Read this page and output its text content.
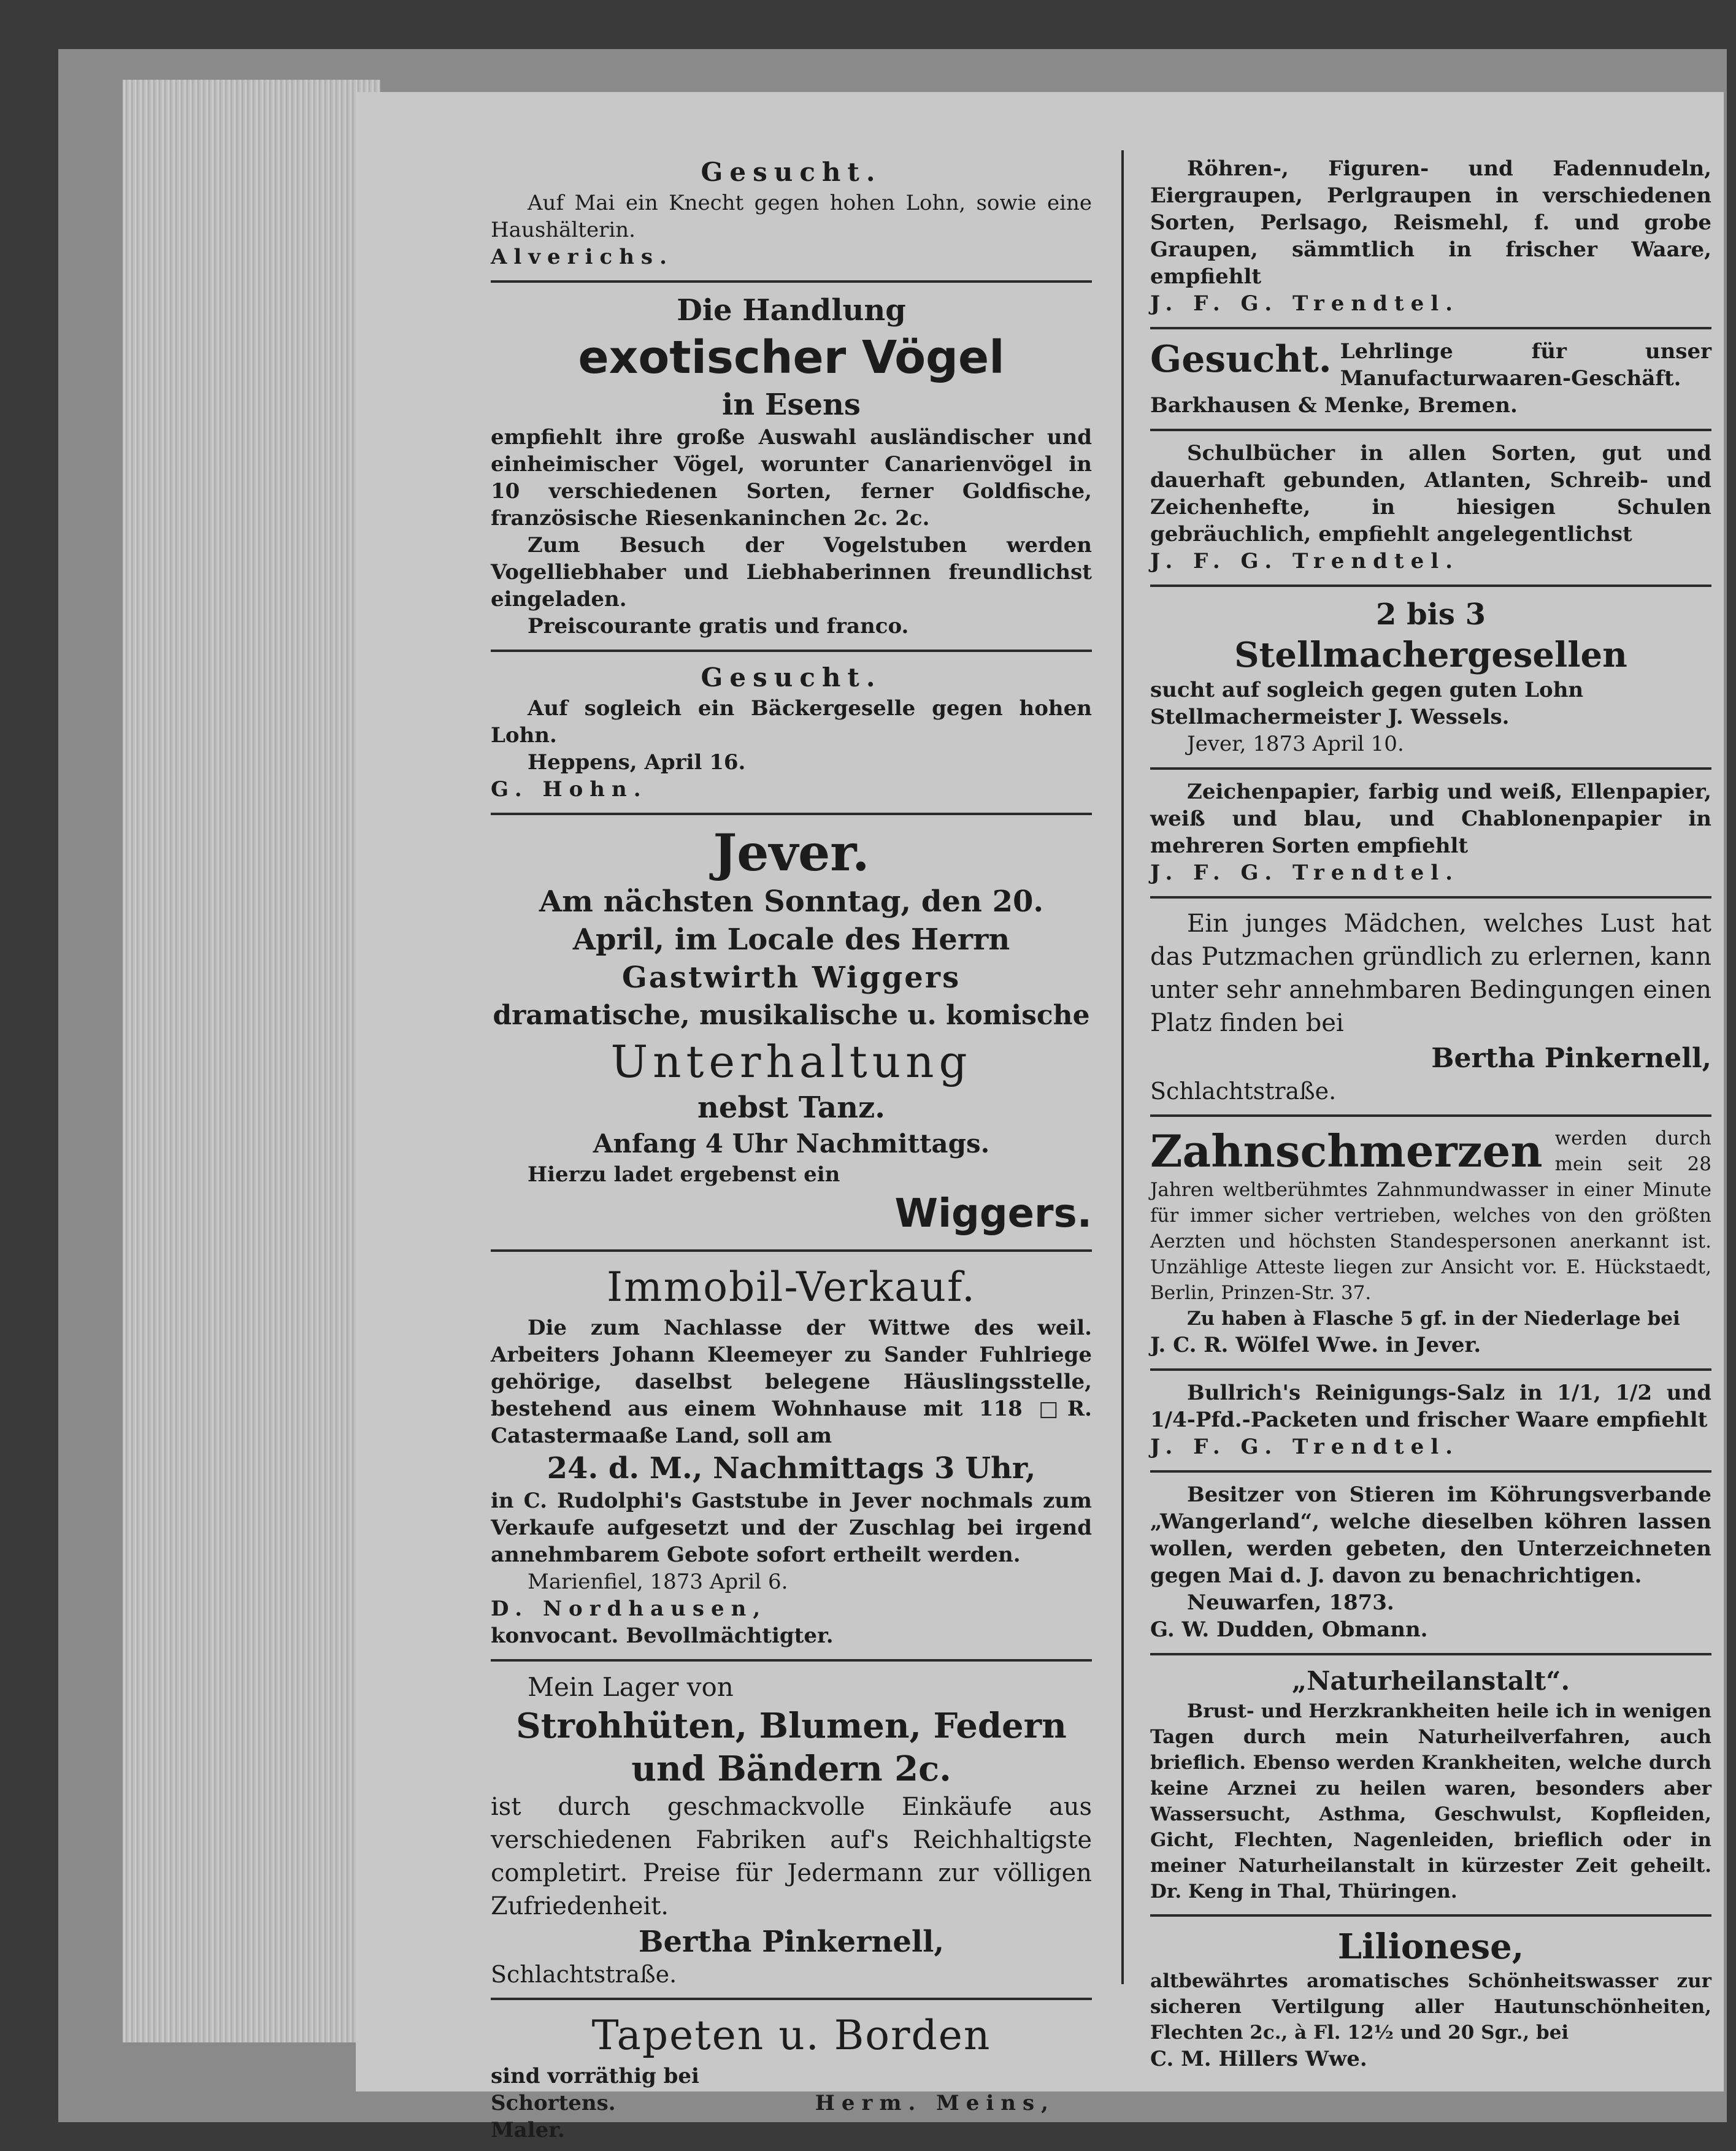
Gesucht.
Auf Mai ein Knecht gegen hohen Lohn, sowie eine Haushälterin.
Alverichs.
Die Handlung
exotischer Vögel
in Esens
empfiehlt ihre große Auswahl ausländischer und einheimischer Vögel, worunter Canarienvögel in 10 verschiedenen Sorten, ferner Goldfische, französische Riesenkaninchen 2c. 2c.
Zum Besuch der Vogelstuben werden Vogelliebhaber und Liebhaberinnen freundlichst eingeladen.
Preiscourante gratis und franco.
Gesucht.
Auf sogleich ein Bäckergeselle gegen hohen Lohn.
Heppens, April 16.
G. Hohn.
Jever.
Am nächsten Sonntag, den 20.
April, im Locale des Herrn
Gastwirth Wiggers
dramatische, musikalische u. komische
Unterhaltung
nebst Tanz.
Anfang 4 Uhr Nachmittags.
Hierzu ladet ergebenst ein
Wiggers.
Immobil-Verkauf.
Die zum Nachlasse der Wittwe des weil. Arbeiters Johann Kleemeyer zu Sander Fuhlriege gehörige, daselbst belegene Häuslingsstelle, bestehend aus einem Wohnhause mit 118 □R. Catastermaaße Land, soll am
24. d. M., Nachmittags 3 Uhr,
in C. Rudolphi's Gaststube in Jever nochmals zum Verkaufe aufgesetzt und der Zuschlag bei irgend annehmbarem Gebote sofort ertheilt werden.
Marienfiel, 1873 April 6.
D. Nordhausen,
konvocant. Bevollmächtigter.
Mein Lager von
Strohhüten, Blumen, Federn und Bändern 2c.
ist durch geschmackvolle Einkäufe aus verschiedenen Fabriken auf's Reichhaltigste completirt. Preise für Jedermann zur völligen Zufriedenheit.
Bertha Pinkernell,
Schlachtstraße.
Tapeten u. Borden
sind vorräthig bei
Schortens.	Herm. Meins,
Maler.
Röhren-, Figuren- und Fadennudeln, Eiergraupen, Perlgraupen in verschiedenen Sorten, Perlsago, Reismehl, f. und grobe Graupen, sämmtlich in frischer Waare, empfiehlt
J. F. G. Trendtel.
Gesucht. Lehrlinge für unser Manufacturwaaren-Geschäft.
Barkhausen & Menke, Bremen.
Schulbücher in allen Sorten, gut und dauerhaft gebunden, Atlanten, Schreib- und Zeichenhefte, in hiesigen Schulen gebräuchlich, empfiehlt angelegentlichst
J. F. G. Trendtel.
2 bis 3
Stellmachergesellen
sucht auf sogleich gegen guten Lohn
Stellmachermeister J. Wessels.
Jever, 1873 April 10.
Zeichenpapier, farbig und weiß, Ellenpapier, weiß und blau, und Chablonenpapier in mehreren Sorten empfiehlt
J. F. G. Trendtel.
Ein junges Mädchen, welches Lust hat das Putzmachen gründlich zu erlernen, kann unter sehr annehmbaren Bedingungen einen Platz finden bei
Bertha Pinkernell,
Schlachtstraße.
Zahnschmerzen werden durch mein seit 28 Jahren weltberühmtes Zahnmundwasser in einer Minute für immer sicher vertrieben, welches von den größten Aerzten und höchsten Standespersonen anerkannt ist. Unzählige Atteste liegen zur Ansicht vor. E. Hückstaedt, Berlin, Prinzen-Str. 37.
Zu haben à Flasche 5 gf. in der Niederlage bei
J. C. R. Wölfel Wwe. in Jever.
Bullrich's Reinigungs-Salz in 1/1, 1/2 und 1/4-Pfd.-Packeten und frischer Waare empfiehlt
J. F. G. Trendtel.
Besitzer von Stieren im Köhrungsverbande „Wangerland“, welche dieselben köhren lassen wollen, werden gebeten, den Unterzeichneten gegen Mai d. J. davon zu benachrichtigen.
Neuwarfen, 1873.
G. W. Dudden, Obmann.
„Naturheilanstalt“.
Brust- und Herzkrankheiten heile ich in wenigen Tagen durch mein Naturheilverfahren, auch brieflich. Ebenso werden Krankheiten, welche durch keine Arznei zu heilen waren, besonders aber Wassersucht, Asthma, Geschwulst, Kopfleiden, Gicht, Flechten, Nagenleiden, brieflich oder in meiner Naturheilanstalt in kürzester Zeit geheilt. Dr. Keng in Thal, Thüringen.
Lilionese,
altbewährtes aromatisches Schönheitswasser zur sicheren Vertilgung aller Hautunschönheiten, Flechten 2c., à Fl. 12½ und 20 Sgr., bei
C. M. Hillers Wwe.
